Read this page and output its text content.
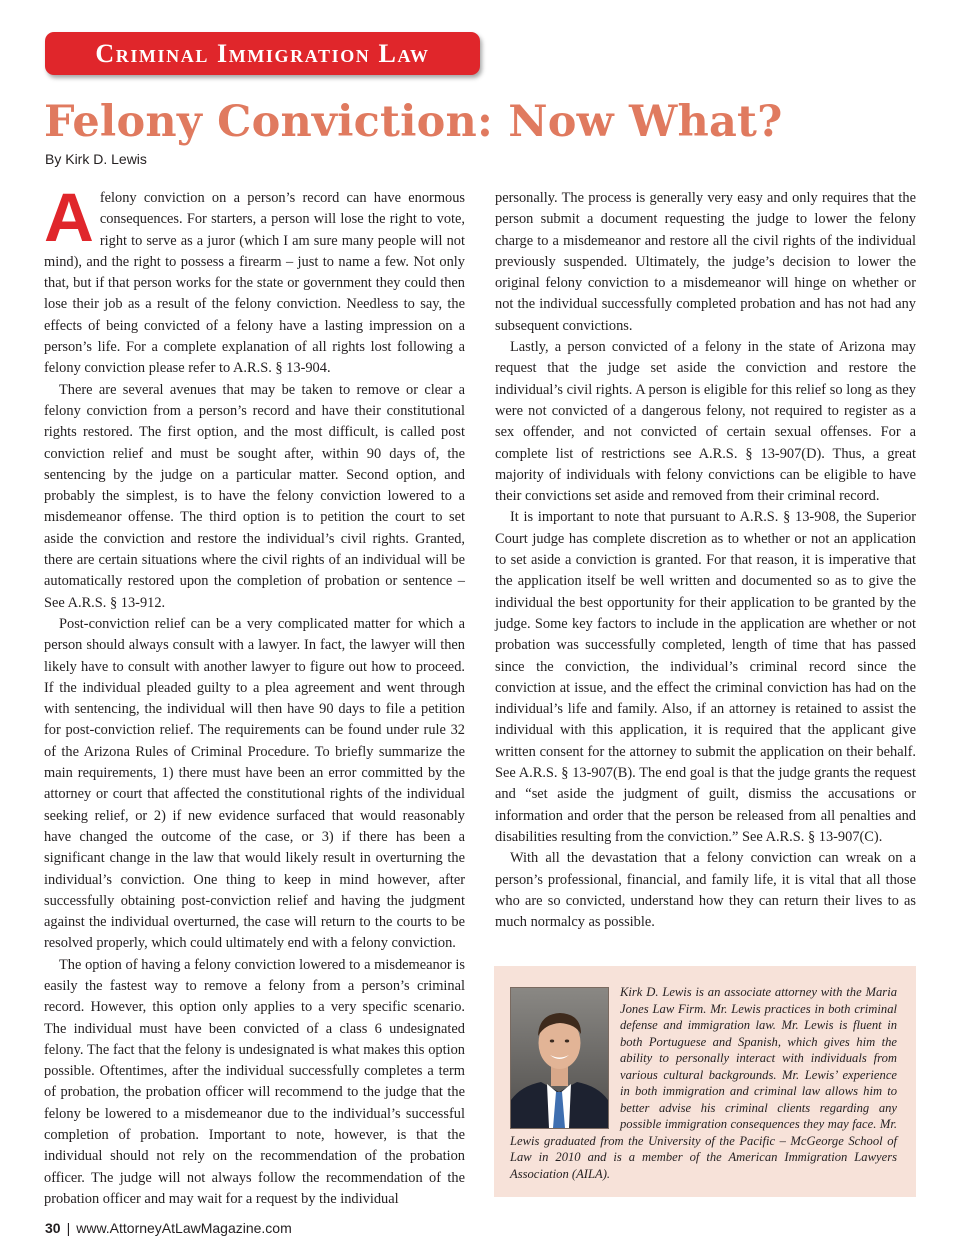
Criminal Immigration Law
Felony Conviction: Now What?
By Kirk D. Lewis

Afelony conviction on a person’s record can have enormous consequences. For starters, a person will lose the right to vote, right to serve as a juror (which I am sure many people will not mind), and the right to possess a firearm – just to name a few. Not only that, but if that person works for the state or government they could then lose their job as a result of the felony conviction. Needless to say, the effects of being convicted of a felony have a lasting impression on a person’s life. For a complete explanation of all rights lost following a felony conviction please refer to A.R.S. § 13-904.

There are several avenues that may be taken to remove or clear a felony conviction from a person’s record and have their constitutional rights restored. The first option, and the most difficult, is called post conviction relief and must be sought after, within 90 days of, the sentencing by the judge on a particular matter. Second option, and probably the simplest, is to have the felony conviction lowered to a misdemeanor offense. The third option is to petition the court to set aside the conviction and restore the individual’s civil rights. Granted, there are certain situations where the civil rights of an individual will be automatically restored upon the completion of probation or sentence – See A.R.S. § 13-912.

Post-conviction relief can be a very complicated matter for which a person should always consult with a lawyer. In fact, the lawyer will then likely have to consult with another lawyer to figure out how to proceed. If the individual pleaded guilty to a plea agreement and went through with sentencing, the individual will then have 90 days to file a petition for post-conviction relief. The requirements can be found under rule 32 of the Arizona Rules of Criminal Procedure. To briefly summarize the main requirements, 1) there must have been an error committed by the attorney or court that affected the constitutional rights of the individual seeking relief, or 2) if new evidence surfaced that would reasonably have changed the outcome of the case, or 3) if there has been a significant change in the law that would likely result in overturning the individual’s conviction. One thing to keep in mind however, after successfully obtaining post-conviction relief and having the judgment against the individual overturned, the case will return to the courts to be resolved properly, which could ultimately end with a felony conviction.

The option of having a felony conviction lowered to a misdemeanor is easily the fastest way to remove a felony from a person’s criminal record. However, this option only applies to a very specific scenario. The individual must have been convicted of a class 6 undesignated felony. The fact that the felony is undesignated is what makes this option possible. Oftentimes, after the individual successfully completes a term of probation, the probation officer will recommend to the judge that the felony be lowered to a misdemeanor due to the individual’s successful completion of probation. Important to note, however, is that the individual should not rely on the recommendation of the probation officer. The judge will not always follow the recommendation of the probation officer and may wait for a request by the individual

personally. The process is generally very easy and only requires that the person submit a document requesting the judge to lower the felony charge to a misdemeanor and restore all the civil rights of the individual previously suspended. Ultimately, the judge’s decision to lower the original felony conviction to a misdemeanor will hinge on whether or not the individual successfully completed probation and has not had any subsequent convictions.

Lastly, a person convicted of a felony in the state of Arizona may request that the judge set aside the conviction and restore the individual’s civil rights. A person is eligible for this relief so long as they were not convicted of a dangerous felony, not required to register as a sex offender, and not convicted of certain sexual offenses. For a complete list of restrictions see A.R.S. § 13-907(D). Thus, a great majority of individuals with felony convictions can be eligible to have their convictions set aside and removed from their criminal record.

It is important to note that pursuant to A.R.S. § 13-908, the Superior Court judge has complete discretion as to whether or not an application to set aside a conviction is granted. For that reason, it is imperative that the application itself be well written and documented so as to give the individual the best opportunity for their application to be granted by the judge. Some key factors to include in the application are whether or not probation was successfully completed, length of time that has passed since the conviction, the individual’s criminal record since the conviction at issue, and the effect the criminal conviction has had on the individual’s life and family. Also, if an attorney is retained to assist the individual with this application, it is required that the applicant give written consent for the attorney to submit the application on their behalf. See A.R.S. § 13-907(B). The end goal is that the judge grants the request and “set aside the judgment of guilt, dismiss the accusations or information and order that the person be released from all penalties and disabilities resulting from the conviction.” See A.R.S. § 13-907(C).

With all the devastation that a felony conviction can wreak on a person’s professional, financial, and family life, it is vital that all those who are so convicted, understand how they can return their lives to as much normalcy as possible.

Kirk D. Lewis is an associate attorney with the Maria Jones Law Firm. Mr. Lewis practices in both criminal defense and immigration law. Mr. Lewis is fluent in both Portuguese and Spanish, which gives him the ability to personally interact with individuals from various cultural backgrounds. Mr. Lewis’ experience in both immigration and criminal law allows him to better advise his criminal clients regarding any possible immigration consequences they may face. Mr. Lewis graduated from the University of the Pacific – McGeorge School of Law in 2010 and is a member of the American Immigration Lawyers Association (AILA).
30 | www.AttorneyAtLawMagazine.com
